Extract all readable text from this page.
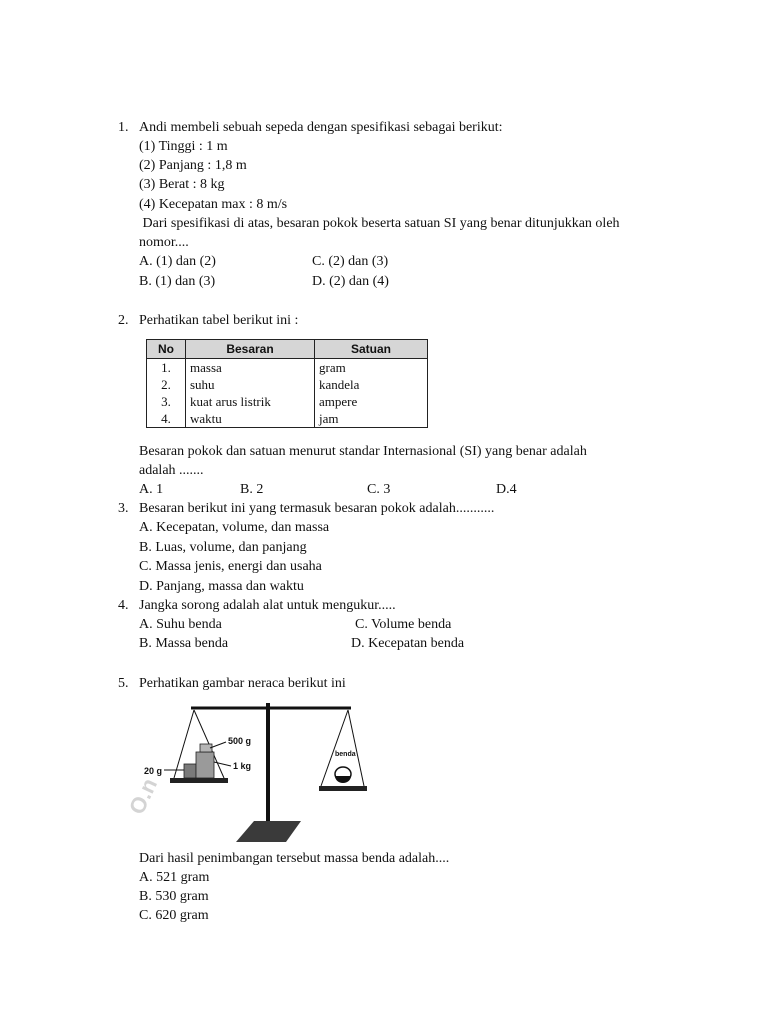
1. Andi membeli sebuah sepeda dengan spesifikasi sebagai berikut:
(1) Tinggi : 1 m
(2) Panjang : 1,8 m
(3) Berat : 8 kg
(4) Kecepatan max : 8 m/s
Dari spesifikasi di atas, besaran pokok beserta satuan SI yang benar ditunjukkan oleh
nomor....
A. (1) dan (2)	C. (2) dan (3)
B. (1) dan (3)	D. (2) dan (4)
2. Perhatikan tabel berikut ini :
No	Besaran	Satuan
1.	massa	gram
2.	suhu	kandela
3.	kuat arus listrik	ampere
4.	waktu	jam
Besaran pokok dan satuan menurut standar Internasional (SI) yang benar adalah
adalah .......
A. 1	B. 2	C. 3	D.4
3. Besaran berikut ini yang termasuk besaran pokok adalah...........
A. Kecepatan, volume, dan massa
B. Luas, volume, dan panjang
C. Massa jenis, energi dan usaha
D. Panjang, massa dan waktu
4. Jangka sorong adalah alat untuk mengukur.....
A. Suhu benda	C. Volume benda
B. Massa benda	D. Kecepatan benda
5. Perhatikan gambar neraca berikut ini
O.n
500 g
1 kg
20 g
benda
Dari hasil penimbangan tersebut massa benda adalah....
A. 521 gram
B. 530 gram
C. 620 gram
